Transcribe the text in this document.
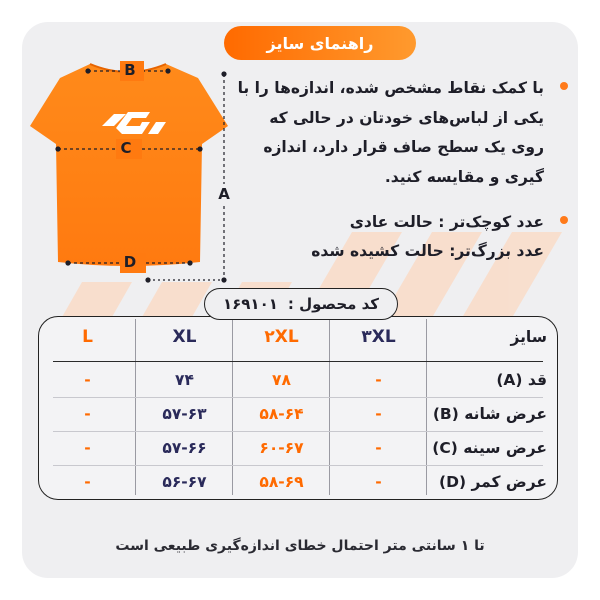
راهنمای سایز
B
C
D
A

با کمک نقاط مشخص شده، اندازه‌ها را با یکی از لباس‌های خودتان در حالی که روی یک سطح صاف قرار دارد، اندازه گیری و مقایسه کنید.

عدد کوچک‌تر : حالت عادی

عدد بزرگ‌تر: حالت کشیده شده

سایز
۳XL
۲XL
XL
L
قد (A)
-
۷۸
۷۴
-
عرض شانه (B)
-
۵۸-۶۴
۵۷-۶۳
-
عرض سینه (C)
-
۶۰-۶۷
۵۷-۶۶
-
عرض کمر (D)
-
۵۸-۶۹
۵۶-۶۷
-
کد محصول :
۱۶۹۱۰۱
تا ۱ سانتی متر احتمال خطای اندازه‌گیری طبیعی است
